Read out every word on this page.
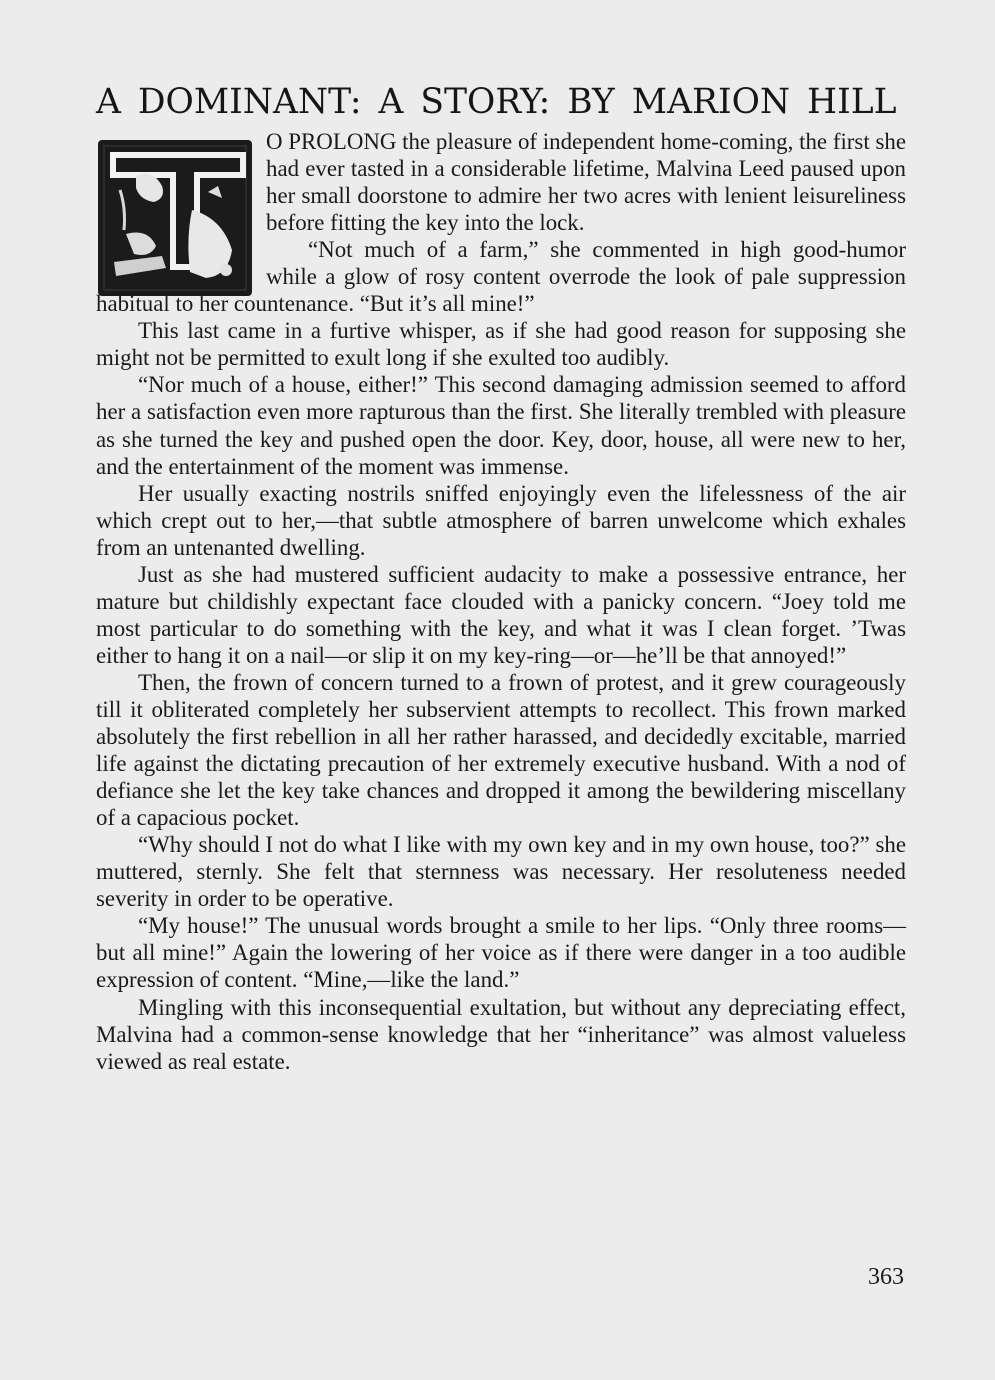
A DOMINANT: A STORY: BY MARION HILL

O PROLONG the pleasure of independent home-coming, the first she had ever tasted in a considerable lifetime, Malvina Leed paused upon her small doorstone to admire her two acres with lenient leisureliness before fitting the key into the lock.

“Not much of a farm,” she commented in high good-humor while a glow of rosy content overrode the look of pale suppression habitual to her countenance. “But it’s all mine!”

This last came in a furtive whisper, as if she had good reason for supposing she might not be permitted to exult long if she exulted too audibly.

“Nor much of a house, either!” This second damaging admission seemed to afford her a satisfaction even more rapturous than the first. She literally trembled with pleasure as she turned the key and pushed open the door. Key, door, house, all were new to her, and the entertainment of the moment was immense.

Her usually exacting nostrils sniffed enjoyingly even the lifelessness of the air which crept out to her,—that subtle atmosphere of barren unwelcome which exhales from an untenanted dwelling.

Just as she had mustered sufficient audacity to make a possessive entrance, her mature but childishly expectant face clouded with a panicky concern. “Joey told me most particular to do something with the key, and what it was I clean forget. ’Twas either to hang it on a nail—or slip it on my key-ring—or—he’ll be that annoyed!”

Then, the frown of concern turned to a frown of protest, and it grew courageously till it obliterated completely her subservient attempts to recollect. This frown marked absolutely the first rebellion in all her rather harassed, and decidedly excitable, married life against the dictating precaution of her extremely executive husband. With a nod of defiance she let the key take chances and dropped it among the bewildering miscellany of a capacious pocket.

“Why should I not do what I like with my own key and in my own house, too?” she muttered, sternly. She felt that sternness was necessary. Her resoluteness needed severity in order to be operative.

“My house!” The unusual words brought a smile to her lips. “Only three rooms—but all mine!” Again the lowering of her voice as if there were danger in a too audible expression of content. “Mine,—like the land.”

Mingling with this inconsequential exultation, but without any depreciating effect, Malvina had a common-sense knowledge that her “inheritance” was almost valueless viewed as real estate.

363
